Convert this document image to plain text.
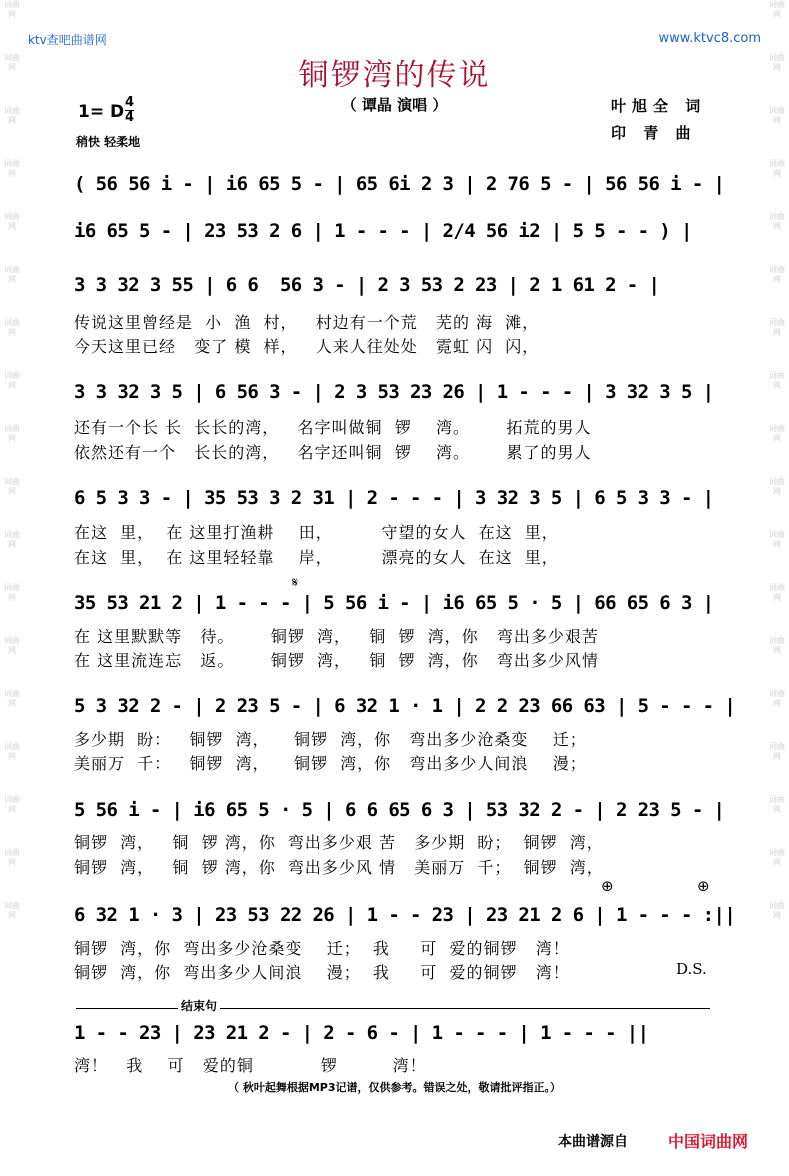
词曲网
词曲网
词曲网
词曲网
词曲网
词曲网
词曲网
词曲网
词曲网
词曲网
词曲网
词曲网
词曲网
词曲网
词曲网
词曲网
词曲网
词曲网
词曲网
词曲网
词曲网
词曲网
词曲网
词曲网
词曲网
词曲网
词曲网
词曲网
词曲网
词曲网
词曲网
词曲网
词曲网
词曲网
词曲网
词曲网
ktv查吧曲谱网	www.ktvc8.com
铜锣湾的传说
（ 谭晶 演唱 ）
1= D 4
4
稍快 轻柔地
叶旭全 词
印 青 曲
( 56 56 i - | i6 65 5 - | 65 6i 2 3 | 2 76 5 - | 56 56 i - |
i6 65 5 - | 23 53 2 6 | 1 - - - | 2/4 56 i2 | 5 5 - - ) |
3 3 32 3 55 | 6 6  56 3 - | 2 3 53 2 23 | 2 1 61 2 - |
传说这里曾经是  小  渔  村，   村边有一个荒   芜的 海  滩，
今天这里已经   变了 模  样，   人来人往处处   霓虹 闪  闪，
3 3 32 3 5 | 6 56 3 - | 2 3 53 23 26 | 1 - - - | 3 32 3 5 |
还有一个长 长  长长的湾，   名字叫做铜  锣    湾。      拓荒的男人
依然还有一个   长长的湾，   名字还叫铜  锣    湾。      累了的男人
6 5 3 3 - | 35 53 3 2 31 | 2 - - - | 3 32 3 5 | 6 5 3 3 - |
在这  里，  在 这里打渔耕    田，        守望的女人  在这  里，
在这  里，  在 这里轻轻靠    岸，        漂亮的女人  在这  里，
𝄋
35 53 21 2 | 1 - - - | 5 56 i - | i6 65 5 · 5 | 66 65 6 3 |
在 这里默默等   待。      铜锣  湾，   铜  锣  湾，你   弯出多少艰苦
在 这里流连忘   返。      铜锣  湾，   铜  锣  湾，你   弯出多少风情
5 3 32 2 - | 2 23 5 - | 6 32 1 · 1 | 2 2 23 66 63 | 5 - - - |
多少期  盼：   铜锣  湾，    铜锣  湾，你   弯出多少沧桑变    迁；
美丽万  千：   铜锣  湾，    铜锣  湾，你   弯出多少人间浪    漫；
5 56 i - | i6 65 5 · 5 | 6 6 65 6 3 | 53 32 2 - | 2 23 5 - |
铜锣  湾，   铜  锣 湾，你  弯出多少艰 苦   多少期  盼；  铜锣  湾，
铜锣  湾，   铜  锣 湾，你  弯出多少风 情   美丽万  千；  铜锣  湾，
⊕	⊕
6 32 1 · 3 | 23 53 22 26 | 1 - - 23 | 23 21 2 6 | 1 - - - :||
铜锣  湾，你  弯出多少沧桑变    迁；  我     可  爱的铜锣   湾！
铜锣  湾，你  弯出多少人间浪    漫；  我     可  爱的铜锣   湾！	D.S.
结束句
1 - - 23 | 23 21 2 - | 2 - 6 - | 1 - - - | 1 - - - ||
湾！   我    可   爱的铜           锣         湾！
（ 秋叶起舞根据MP3记谱，仅供参考。错误之处，敬请批评指正。）
本曲谱源自	中国词曲网
